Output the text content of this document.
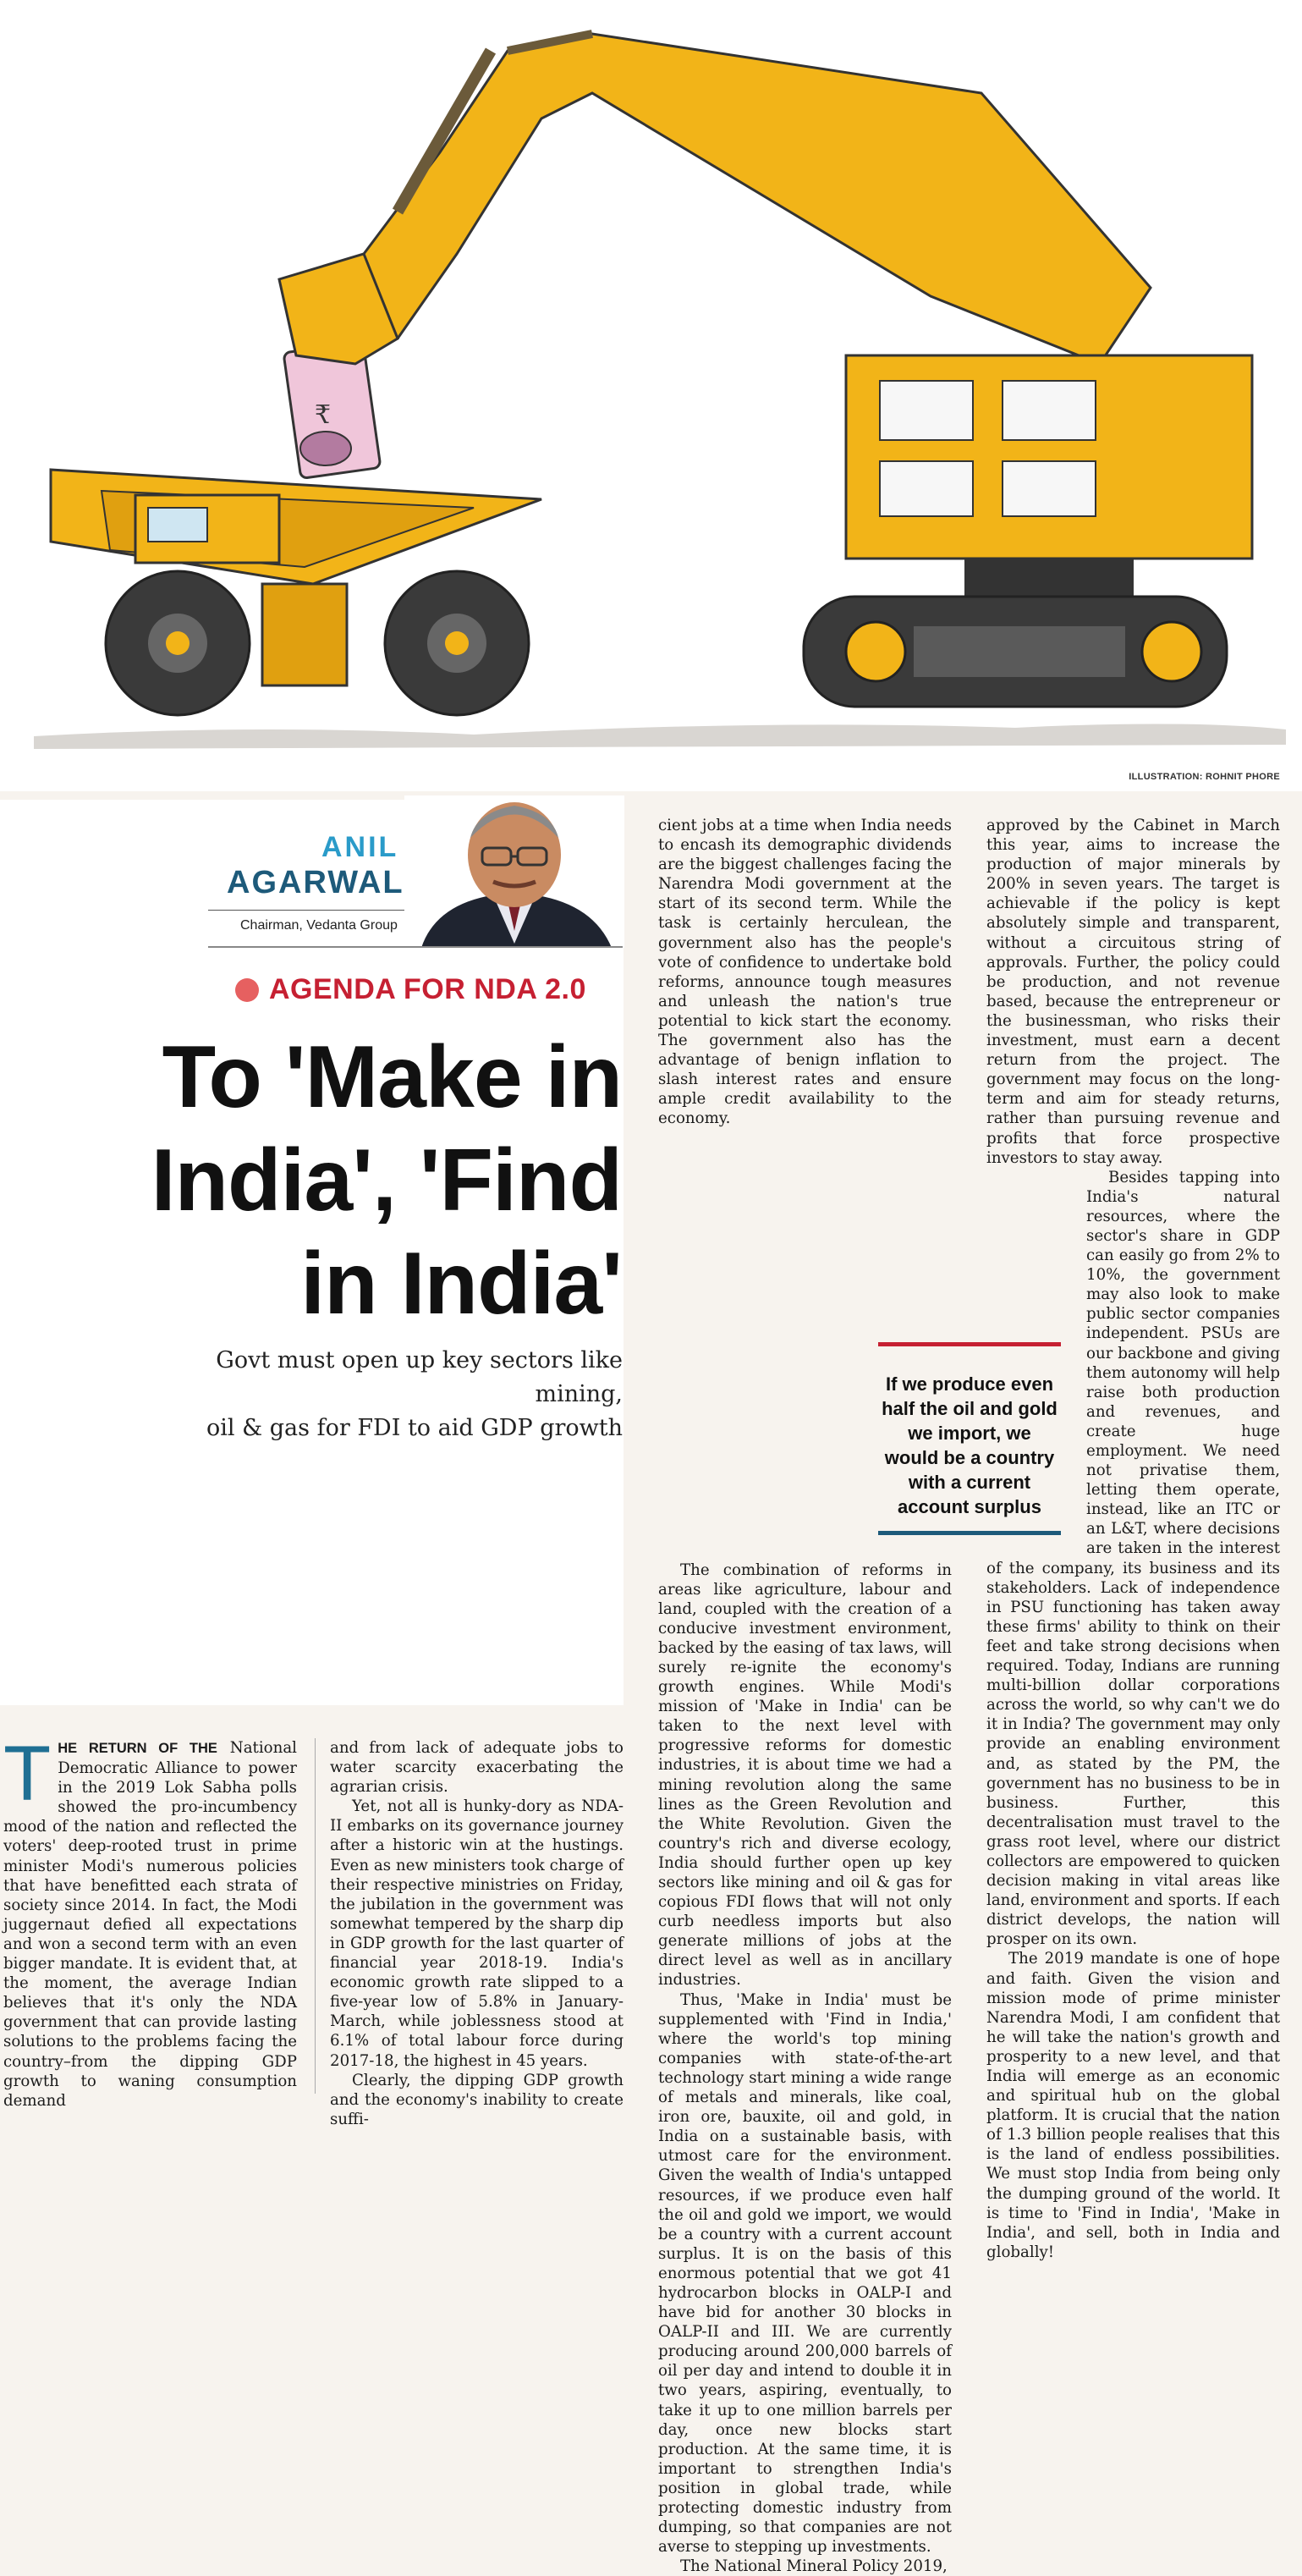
₹
ILLUSTRATION: ROHNIT PHORE
ANIL
AGARWAL
Chairman, Vedanta Group
AGENDA FOR NDA 2.0
To 'Make in
India', 'Find
in India'
Govt must open up key sectors like mining,
oil & gas for FDI to aid GDP growth

THE RETURN OF THE National Democratic Alliance to power in the 2019 Lok Sabha polls showed the pro-incumbency mood of the nation and reflected the voters' deep-rooted trust in prime minister Modi's numerous policies that have benefitted each strata of society since 2014. In fact, the Modi juggernaut defied all expectations and won a second term with an even bigger mandate. It is evident that, at the moment, the average Indian believes that it's only the NDA government that can provide lasting solutions to the problems facing the country–from the dipping GDP growth to waning consumption demand

and from lack of adequate jobs to water scarcity exacerbating the agrarian crisis.

Yet, not all is hunky-dory as NDA-II embarks on its governance journey after a historic win at the hustings. Even as new ministers took charge of their respective ministries on Friday, the jubilation in the government was somewhat tempered by the sharp dip in GDP growth for the last quarter of financial year 2018-19. India's economic growth rate slipped to a five-year low of 5.8% in January-March, while joblessness stood at 6.1% of total labour force during 2017-18, the highest in 45 years.

Clearly, the dipping GDP growth and the economy's inability to create suffi-

cient jobs at a time when India needs to encash its demographic dividends are the biggest challenges facing the Narendra Modi government at the start of its second term. While the task is certainly herculean, the government also has the people's vote of confidence to undertake bold reforms, announce tough measures and unleash the nation's true potential to kick start the economy. The government also has the advantage of benign inflation to slash interest rates and ensure ample credit availability to the economy.

The combination of reforms in areas like agriculture, labour and land, coupled with the creation of a conducive investment environment, backed by the easing of tax laws, will surely re-ignite the economy's growth engines. While Modi's mission of 'Make in India' can be taken to the next level with progressive reforms for domestic industries, it is about time we had a mining revolution along the same lines as the Green Revolution and the White Revolution. Given the country's rich and diverse ecology, India should further open up key sectors like mining and oil & gas for copious FDI flows that will not only curb needless imports but also generate millions of jobs at the direct level as well as in ancillary industries.

Thus, 'Make in India' must be supplemented with 'Find in India,' where the world's top mining companies with state-of-the-art technology start mining a wide range of metals and minerals, like coal, iron ore, bauxite, oil and gold, in India on a sustainable basis, with utmost care for the environment. Given the wealth of India's untapped resources, if we produce even half the oil and gold we import, we would be a country with a current account surplus. It is on the basis of this enormous potential that we got 41 hydrocarbon blocks in OALP-I and have bid for another 30 blocks in OALP-II and III. We are currently producing around 200,000 barrels of oil per day and intend to double it in two years, aspiring, eventually, to take it up to one million barrels per day, once new blocks start production. At the same time, it is important to strengthen India's position in global trade, while protecting domestic industry from dumping, so that companies are not averse to stepping up investments.

The National Mineral Policy 2019,

approved by the Cabinet in March this year, aims to increase the production of major minerals by 200% in seven years. The target is achievable if the policy is kept absolutely simple and transparent, without a circuitous string of approvals. Further, the policy could be production, and not revenue based, because the entrepreneur or the businessman, who risks their investment, must earn a decent return from the project. The government may focus on the long-term and aim for steady returns, rather than pursuing revenue and profits that force prospective investors to stay away.

Besides tapping into India's natural resources, where the sector's share in GDP can easily go from 2% to 10%, the government may also look to make public sector companies independent. PSUs are our backbone and giving them autonomy will help raise both production and revenues, and create huge employment. We need not privatise them, letting them operate, instead, like an ITC or an L&T, where decisions are taken in the interest of the company, its business and its stakeholders. Lack of independence in PSU functioning has taken away these firms' ability to think on their feet and take strong decisions when required. Today, Indians are running multi-billion dollar corporations across the world, so why can't we do it in India? The government may only provide an enabling environment and, as stated by the PM, the government has no business to be in business. Further, this decentralisation must travel to the grass root level, where our district collectors are empowered to quicken decision making in vital areas like land, environment and sports. If each district develops, the nation will prosper on its own.

The 2019 mandate is one of hope and faith. Given the vision and mission mode of prime minister Narendra Modi, I am confident that he will take the nation's growth and prosperity to a new level, and that India will emerge as an economic and spiritual hub on the global platform. It is crucial that the nation of 1.3 billion people realises that this is the land of endless possibilities. We must stop India from being only the dumping ground of the world. It is time to 'Find in India', 'Make in India', and sell, both in India and globally!

If we produce even half the oil and gold we import, we would be a country with a current account surplus
